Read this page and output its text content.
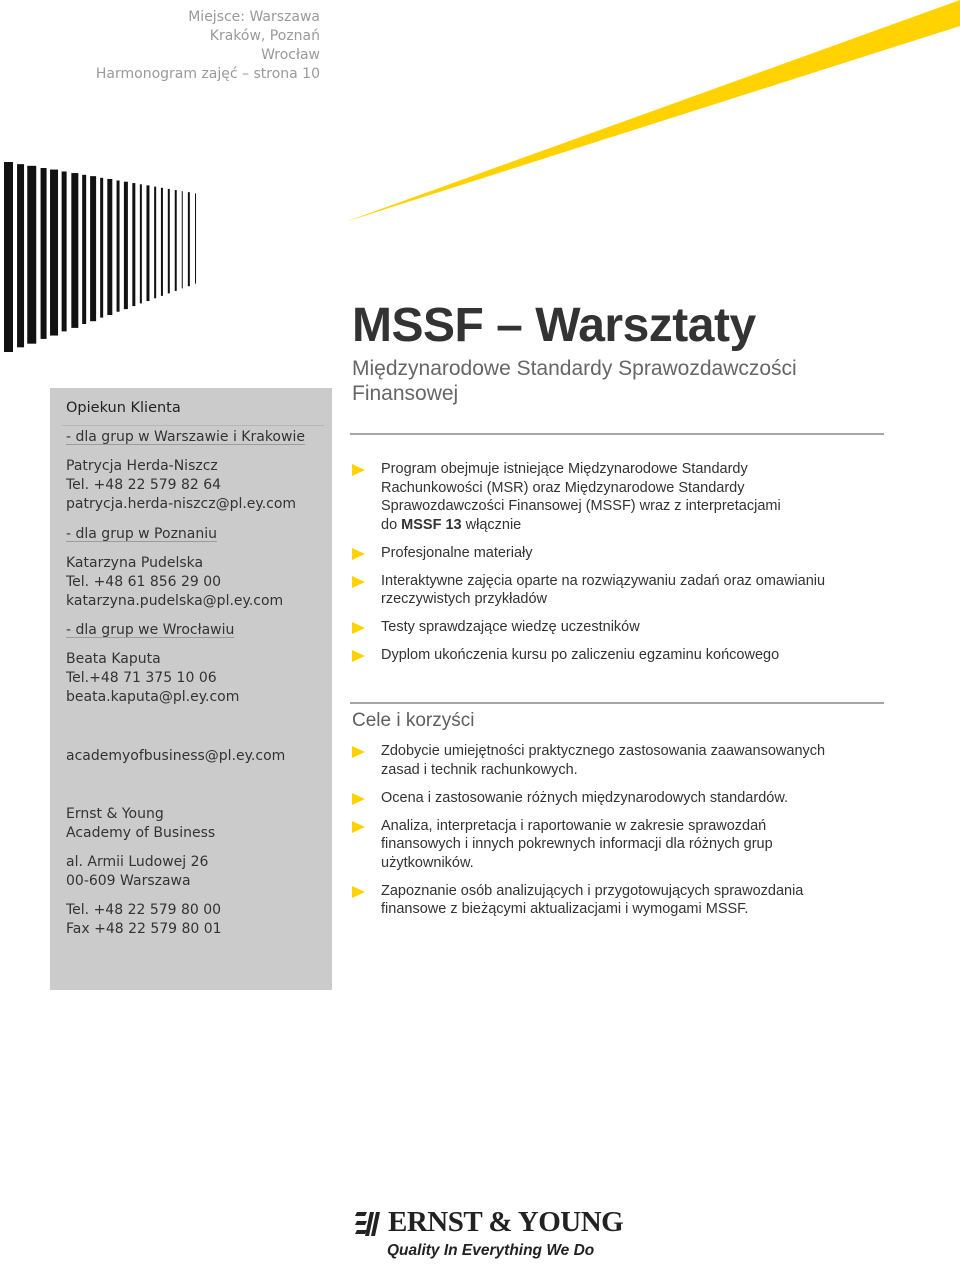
Miejsce: Warszawa
Kraków, Poznań
Wrocław
Harmonogram zajęć – strona 10
Opiekun Klienta
- dla grup w Warszawie i Krakowie
Patrycja Herda-Niszcz
Tel. +48 22 579 82 64
patrycja.herda-niszcz@pl.ey.com
- dla grup w Poznaniu
Katarzyna Pudelska
Tel. +48 61 856 29 00
katarzyna.pudelska@pl.ey.com
- dla grup we Wrocławiu
Beata Kaputa
Tel.+48 71 375 10 06
beata.kaputa@pl.ey.com
academyofbusiness@pl.ey.com
Ernst & Young
Academy of Business
al. Armii Ludowej 26
00-609 Warszawa
Tel. +48 22 579 80 00
Fax +48 22 579 80 01
MSSF – Warsztaty
Międzynarodowe Standardy Sprawozdawczości Finansowej
Program obejmuje istniejące Międzynarodowe Standardy
Rachunkowości (MSR) oraz Międzynarodowe Standardy
Sprawozdawczości Finansowej (MSSF) wraz z interpretacjami
do MSSF 13 włącznie
Profesjonalne materiały
Interaktywne zajęcia oparte na rozwiązywaniu zadań oraz omawianiu
rzeczywistych przykładów
Testy sprawdzające wiedzę uczestników
Dyplom ukończenia kursu po zaliczeniu egzaminu końcowego
Cele i korzyści
Zdobycie umiejętności praktycznego zastosowania zaawansowanych
zasad i technik rachunkowych.
Ocena i zastosowanie różnych międzynarodowych standardów.
Analiza, interpretacja i raportowanie w zakresie sprawozdań
finansowych i innych pokrewnych informacji dla różnych grup
użytkowników.
Zapoznanie osób analizujących i przygotowujących sprawozdania
finansowe z bieżącymi aktualizacjami i wymogami MSSF.
ERNST & YOUNG
Quality In Everything We Do
